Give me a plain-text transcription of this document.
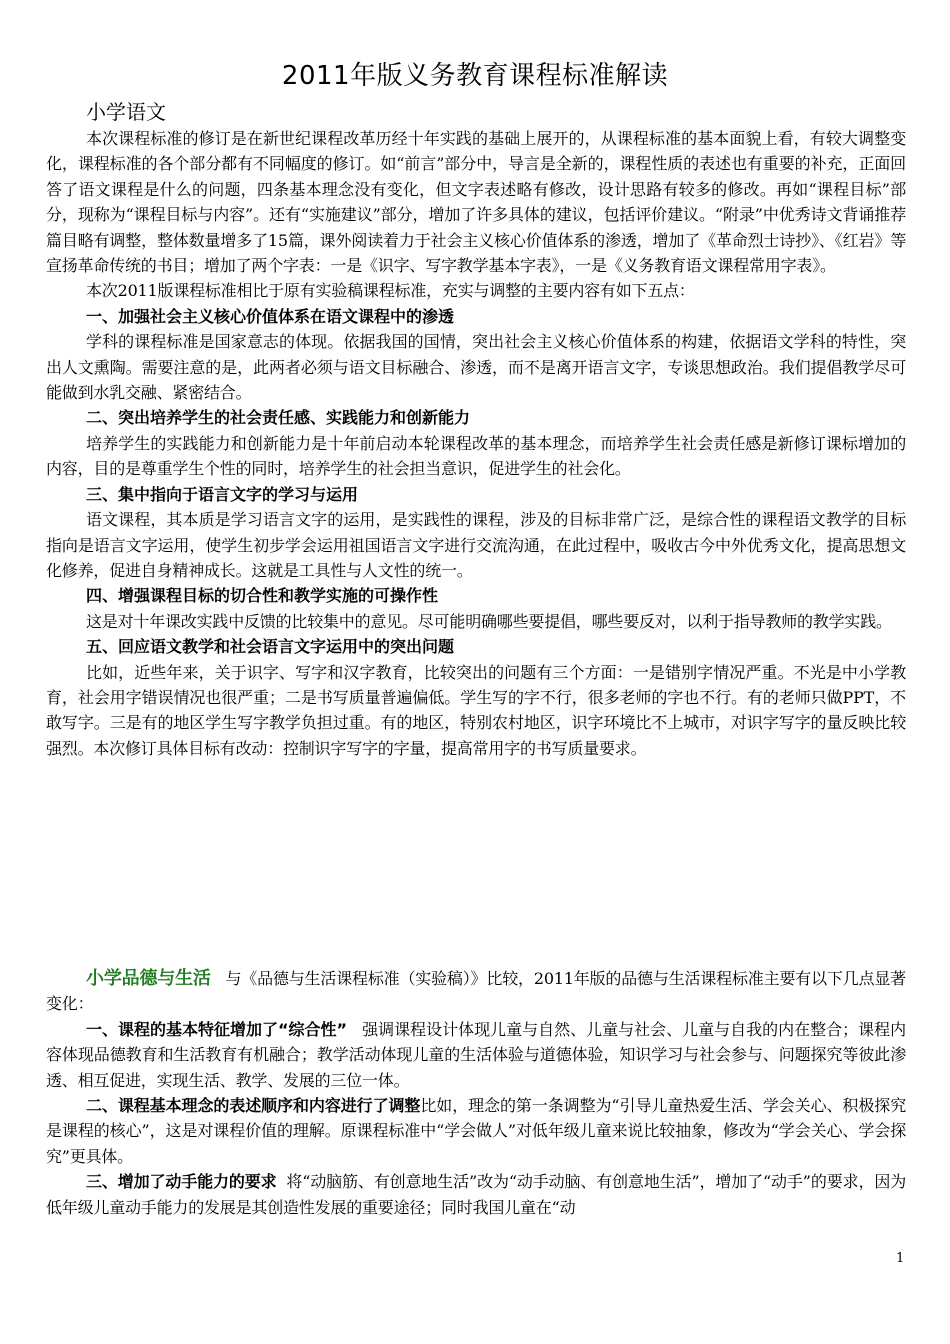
2011年版义务教育课程标准解读
小学语文

本次课程标准的修订是在新世纪课程改革历经十年实践的基础上展开的，从课程标准的基本面貌上看，有较大调整变化，课程标准的各个部分都有不同幅度的修订。如“前言”部分中，导言是全新的，课程性质的表述也有重要的补充，正面回答了语文课程是什么的问题，四条基本理念没有变化，但文字表述略有修改，设计思路有较多的修改。再如“课程目标”部分，现称为“课程目标与内容”。还有“实施建议”部分，增加了许多具体的建议，包括评价建议。“附录”中优秀诗文背诵推荐篇目略有调整，整体数量增多了15篇，课外阅读着力于社会主义核心价值体系的渗透，增加了《革命烈士诗抄》、《红岩》等宣扬革命传统的书目；增加了两个字表：一是《识字、写字教学基本字表》，一是《义务教育语文课程常用字表》。

本次2011版课程标准相比于原有实验稿课程标准，充实与调整的主要内容有如下五点：

一、加强社会主义核心价值体系在语文课程中的渗透

学科的课程标准是国家意志的体现。依据我国的国情，突出社会主义核心价值体系的构建，依据语文学科的特性，突出人文熏陶。需要注意的是，此两者必须与语文目标融合、渗透，而不是离开语言文字，专谈思想政治。我们提倡教学尽可能做到水乳交融、紧密结合。

二、突出培养学生的社会责任感、实践能力和创新能力

培养学生的实践能力和创新能力是十年前启动本轮课程改革的基本理念，而培养学生社会责任感是新修订课标增加的内容，目的是尊重学生个性的同时，培养学生的社会担当意识，促进学生的社会化。

三、集中指向于语言文字的学习与运用

语文课程，其本质是学习语言文字的运用，是实践性的课程，涉及的目标非常广泛，是综合性的课程语文教学的目标指向是语言文字运用，使学生初步学会运用祖国语言文字进行交流沟通，在此过程中，吸收古今中外优秀文化，提高思想文化修养，促进自身精神成长。这就是工具性与人文性的统一。

四、增强课程目标的切合性和教学实施的可操作性

这是对十年课改实践中反馈的比较集中的意见。尽可能明确哪些要提倡，哪些要反对，以利于指导教师的教学实践。

五、回应语文教学和社会语言文字运用中的突出问题

比如，近些年来，关于识字、写字和汉字教育，比较突出的问题有三个方面：一是错别字情况严重。不光是中小学教育，社会用字错误情况也很严重；二是书写质量普遍偏低。学生写的字不行，很多老师的字也不行。有的老师只做PPT，不敢写字。三是有的地区学生写字教学负担过重。有的地区，特别农村地区，识字环境比不上城市，对识字写字的量反映比较强烈。本次修订具体目标有改动：控制识字写字的字量，提高常用字的书写质量要求。

小学品德与生活 与《品德与生活课程标准（实验稿）》比较，2011年版的品德与生活课程标准主要有以下几点显著变化：

一、课程的基本特征增加了“综合性” 强调课程设计体现儿童与自然、儿童与社会、儿童与自我的内在整合；课程内容体现品德教育和生活教育有机融合；教学活动体现儿童的生活体验与道德体验，知识学习与社会参与、问题探究等彼此渗透、相互促进，实现生活、教学、发展的三位一体。

二、课程基本理念的表述顺序和内容进行了调整比如，理念的第一条调整为“引导儿童热爱生活、学会关心、积极探究是课程的核心”，这是对课程价值的理解。原课程标准中“学会做人”对低年级儿童来说比较抽象，修改为“学会关心、学会探究”更具体。

三、增加了动手能力的要求 将“动脑筋、有创意地生活”改为“动手动脑、有创意地生活”，增加了“动手”的要求，因为低年级儿童动手能力的发展是其创造性发展的重要途径；同时我国儿童在“动

1
